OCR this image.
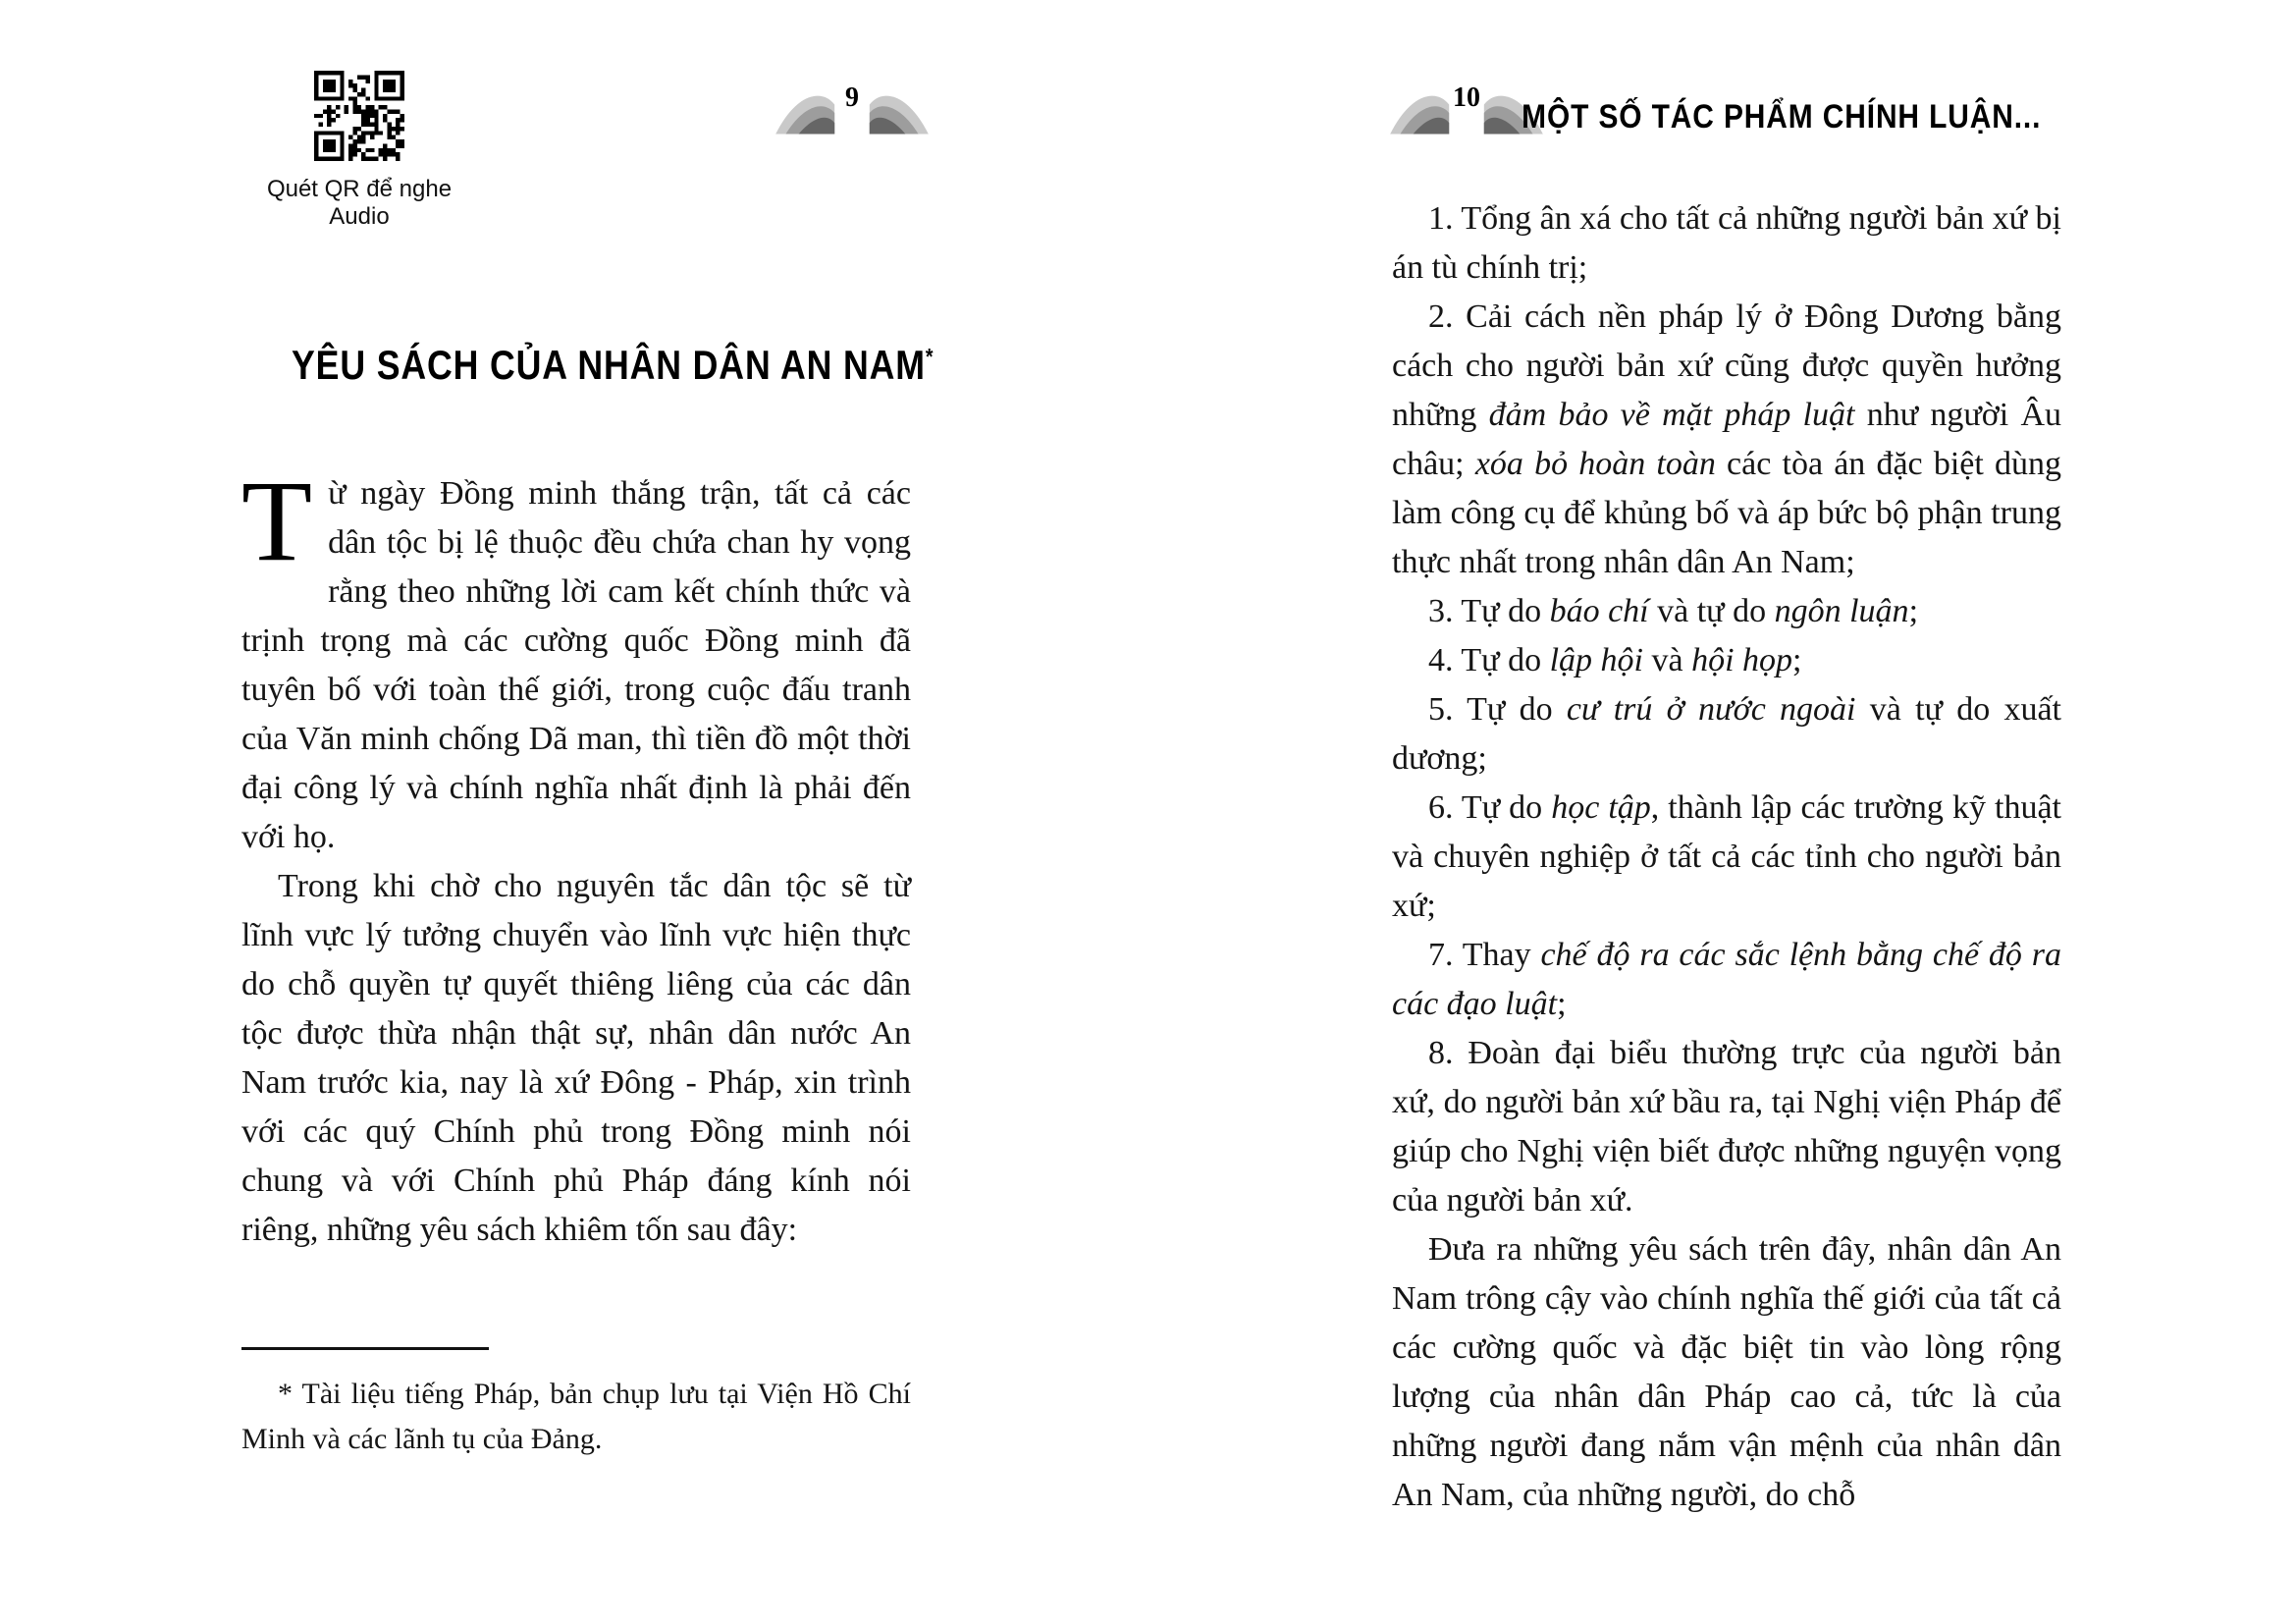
Quét QR để nghe Audio
9	10
MỘT SỐ TÁC PHẨM CHÍNH LUẬN...
YÊU SÁCH CỦA NHÂN DÂN AN NAM*

Từ ngày Đồng minh thắng trận, tất cả các dân tộc bị lệ thuộc đều chứa chan hy vọng rằng theo những lời cam kết chính thức và trịnh trọng mà các cường quốc Đồng minh đã tuyên bố với toàn thế giới, trong cuộc đấu tranh của Văn minh chống Dã man, thì tiền đồ một thời đại công lý và chính nghĩa nhất định là phải đến với họ.

Trong khi chờ cho nguyên tắc dân tộc sẽ từ lĩnh vực lý tưởng chuyển vào lĩnh vực hiện thực do chỗ quyền tự quyết thiêng liêng của các dân tộc được thừa nhận thật sự, nhân dân nước An Nam trước kia, nay là xứ Đông - Pháp, xin trình với các quý Chính phủ trong Đồng minh nói chung và với Chính phủ Pháp đáng kính nói riêng, những yêu sách khiêm tốn sau đây:

1. Tổng ân xá cho tất cả những người bản xứ bị án tù chính trị;

2. Cải cách nền pháp lý ở Đông Dương bằng cách cho người bản xứ cũng được quyền hưởng những đảm bảo về mặt pháp luật như người Âu châu; xóa bỏ hoàn toàn các tòa án đặc biệt dùng làm công cụ để khủng bố và áp bức bộ phận trung thực nhất trong nhân dân An Nam;

3. Tự do báo chí và tự do ngôn luận;

4. Tự do lập hội và hội họp;

5. Tự do cư trú ở nước ngoài và tự do xuất dương;

6. Tự do học tập, thành lập các trường kỹ thuật và chuyên nghiệp ở tất cả các tỉnh cho người bản xứ;

7. Thay chế độ ra các sắc lệnh bằng chế độ ra các đạo luật;

8. Đoàn đại biểu thường trực của người bản xứ, do người bản xứ bầu ra, tại Nghị viện Pháp để giúp cho Nghị viện biết được những nguyện vọng của người bản xứ.

Đưa ra những yêu sách trên đây, nhân dân An Nam trông cậy vào chính nghĩa thế giới của tất cả các cường quốc và đặc biệt tin vào lòng rộng lượng của nhân dân Pháp cao cả, tức là của những người đang nắm vận mệnh của nhân dân An Nam, của những người, do chỗ

* Tài liệu tiếng Pháp, bản chụp lưu tại Viện Hồ Chí Minh và các lãnh tụ của Đảng.
